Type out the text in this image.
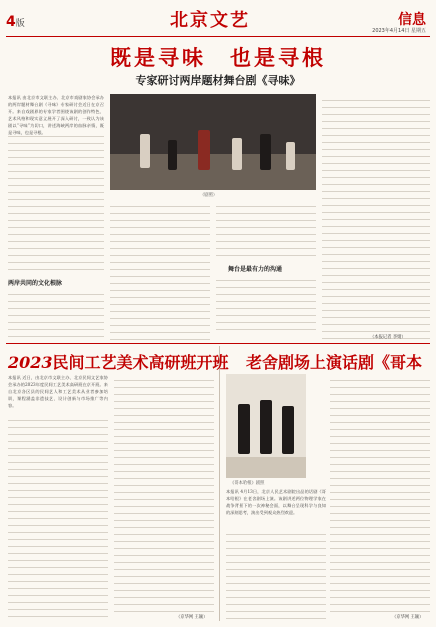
4版	北京文艺	信息
2023年4月14日 星期五
既是寻味　也是寻根
专家研讨两岸题材舞台剧《寻味》
本报讯 由北京市文联主办、北京市戏剧家协会承办的两岸题材舞台剧《寻味》专家研讨会近日在京召开。来自戏剧界的专家学者围绕该剧的创作特色、艺术风格和现实意义展开了深入研讨，一致认为该剧以“寻味”为切口，讲述海峡两岸的血脉亲情，既是寻味，也是寻根。
（剧照）
两岸共同的文化根脉
舞台是最有力的沟通
（本报记者 李婧）
2023民间工艺美术高研班开班
本报讯 近日，由北京市文联主办、北京民间文艺家协会承办的2023年度民间工艺美术高研班在京开班。来自北京各区县的民间艺人和工艺美术从业者参加培训，课程涵盖非遗技艺、设计创新与市场推广等内容。
（京华网 王颖）
老舍剧场上演话剧《哥本
《哥本哈根》剧照
本报讯 4月13日，北京人民艺术剧院出品的话剧《哥本哈根》在老舍剧场上演。该剧讲述两位物理学家在战争背景下的一次神秘会面，以舞台呈现科学与良知的深刻思考，演出受到观众热烈欢迎。
（京华网 王颖）
